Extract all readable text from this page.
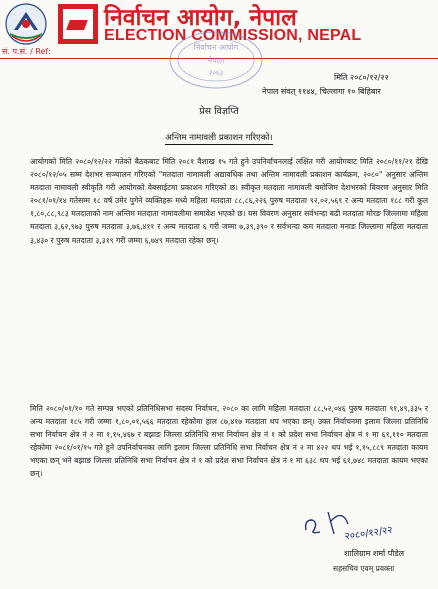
निर्वाचन आयोग, नेपाल
ELECTION COMMISSION, NEPAL
सं. प.सं. / Ref:	निर्वाचन आयोग
नेपाल
२०६३	मिति २०८०/१२/२२
नेपाल संवत् ११४४, चिल्लागा १० बिहिबार
प्रेस विज्ञप्ति
अन्तिम नामावली प्रकाशन गरिएको।

आयोगको मिति २०८०/१२/२२ गतेको बैठकबाट मिति २०८१ वैशाख १५ गते हुने उपनिर्वाचनलाई लक्षित गरी आयोगबाट मिति २०८०/११/२१ देखि २०८०/१२/०५ सम्म देशभर सञ्चालन गरिएको "मतदाता नामावली अद्यावधिक तथा अन्तिम नामावली प्रकाशन कार्यक्रम, २०८०" अनुसार अन्तिम मतदाता नामावली स्वीकृति गरी आयोगको वेबसाईटमा प्रकाशन गरिएको छ। स्वीकृत मतदाता नामावली बमोजिम देशभरको विवरण अनुसार मिति २०८१/०१/१४ गतेसम्म १८ वर्ष उमेर पुगेने व्यक्तिहरू मध्ये महिला मतदाता ८८,८६,२२६ पुरुष मतदाता ९२,०२,५६९ र अन्य मतदाता १८८ गरी कूल १,८०,८८,९८३ मतदाताको नाम अन्तिम मतदाता नामावलीमा समावेश भएको छ। यस विवरण अनुसार सर्वभन्दा बढी मतदाता मोरङ जिल्लामा महिला मतदाता ३,६२,९७३ पुरुष मतदाता ३,७६,४११ र अन्य मतदाता ६ गरी जम्मा ७,३९,३९० र सर्वभन्दा कम मतदाता मनाङ जिल्लामा महिला मतदाता ३,४३० र पुरुष मतदाता ३,३१९ गरी जम्मा ६,७४९ मतदाता रहेका छन्।

मिति २०८०/०१/१० गते सम्पन्न भएको प्रतिनिधिसभा सदस्य निर्वाचन, २०८० का लागि महिला मतदाता ८८,५२,०४६ पुरुष मतदाता ९१,४९,३३५ र अन्य मतदाता १८५ गरी जम्मा १,८०,०१,५६६ मतदाता रहेकोमा हाल ८७,४१७ मतदाता थप भएका छन्। उक्त निर्वाचनमा इलाम जिल्ला प्रतिनिधि सभा निर्वाचन क्षेत्र नं २ मा १,१५,४६७ र बझाङ जिल्ला प्रतिनिधि सभा निर्वाचन क्षेत्र नं १ को प्रदेश सभा निर्वाचन क्षेत्र नं १ मा ६१,११० मतदाता रहेकोमा २०८१/०१/१५ गते हुने उपनिर्वाचनका लागि इलाम जिल्ला प्रतिनिधि सभा निर्वाचन क्षेत्र नं २ मा ४२२ थप भई १,१५,८८९ मतदाता कायम भएका छन् भने बझाङ जिल्ला प्रतिनिधि सभा निर्वाचन क्षेत्र नं १ को प्रदेश सभा निर्वाचन क्षेत्र नं १ मा ६३८ थप भई ६१,७४८ मतदाता कायम भएका छन्।

२०८०/१२/२२
शालिग्राम शर्मा पौडेल
सहसचिव एवम् प्रवक्ता
